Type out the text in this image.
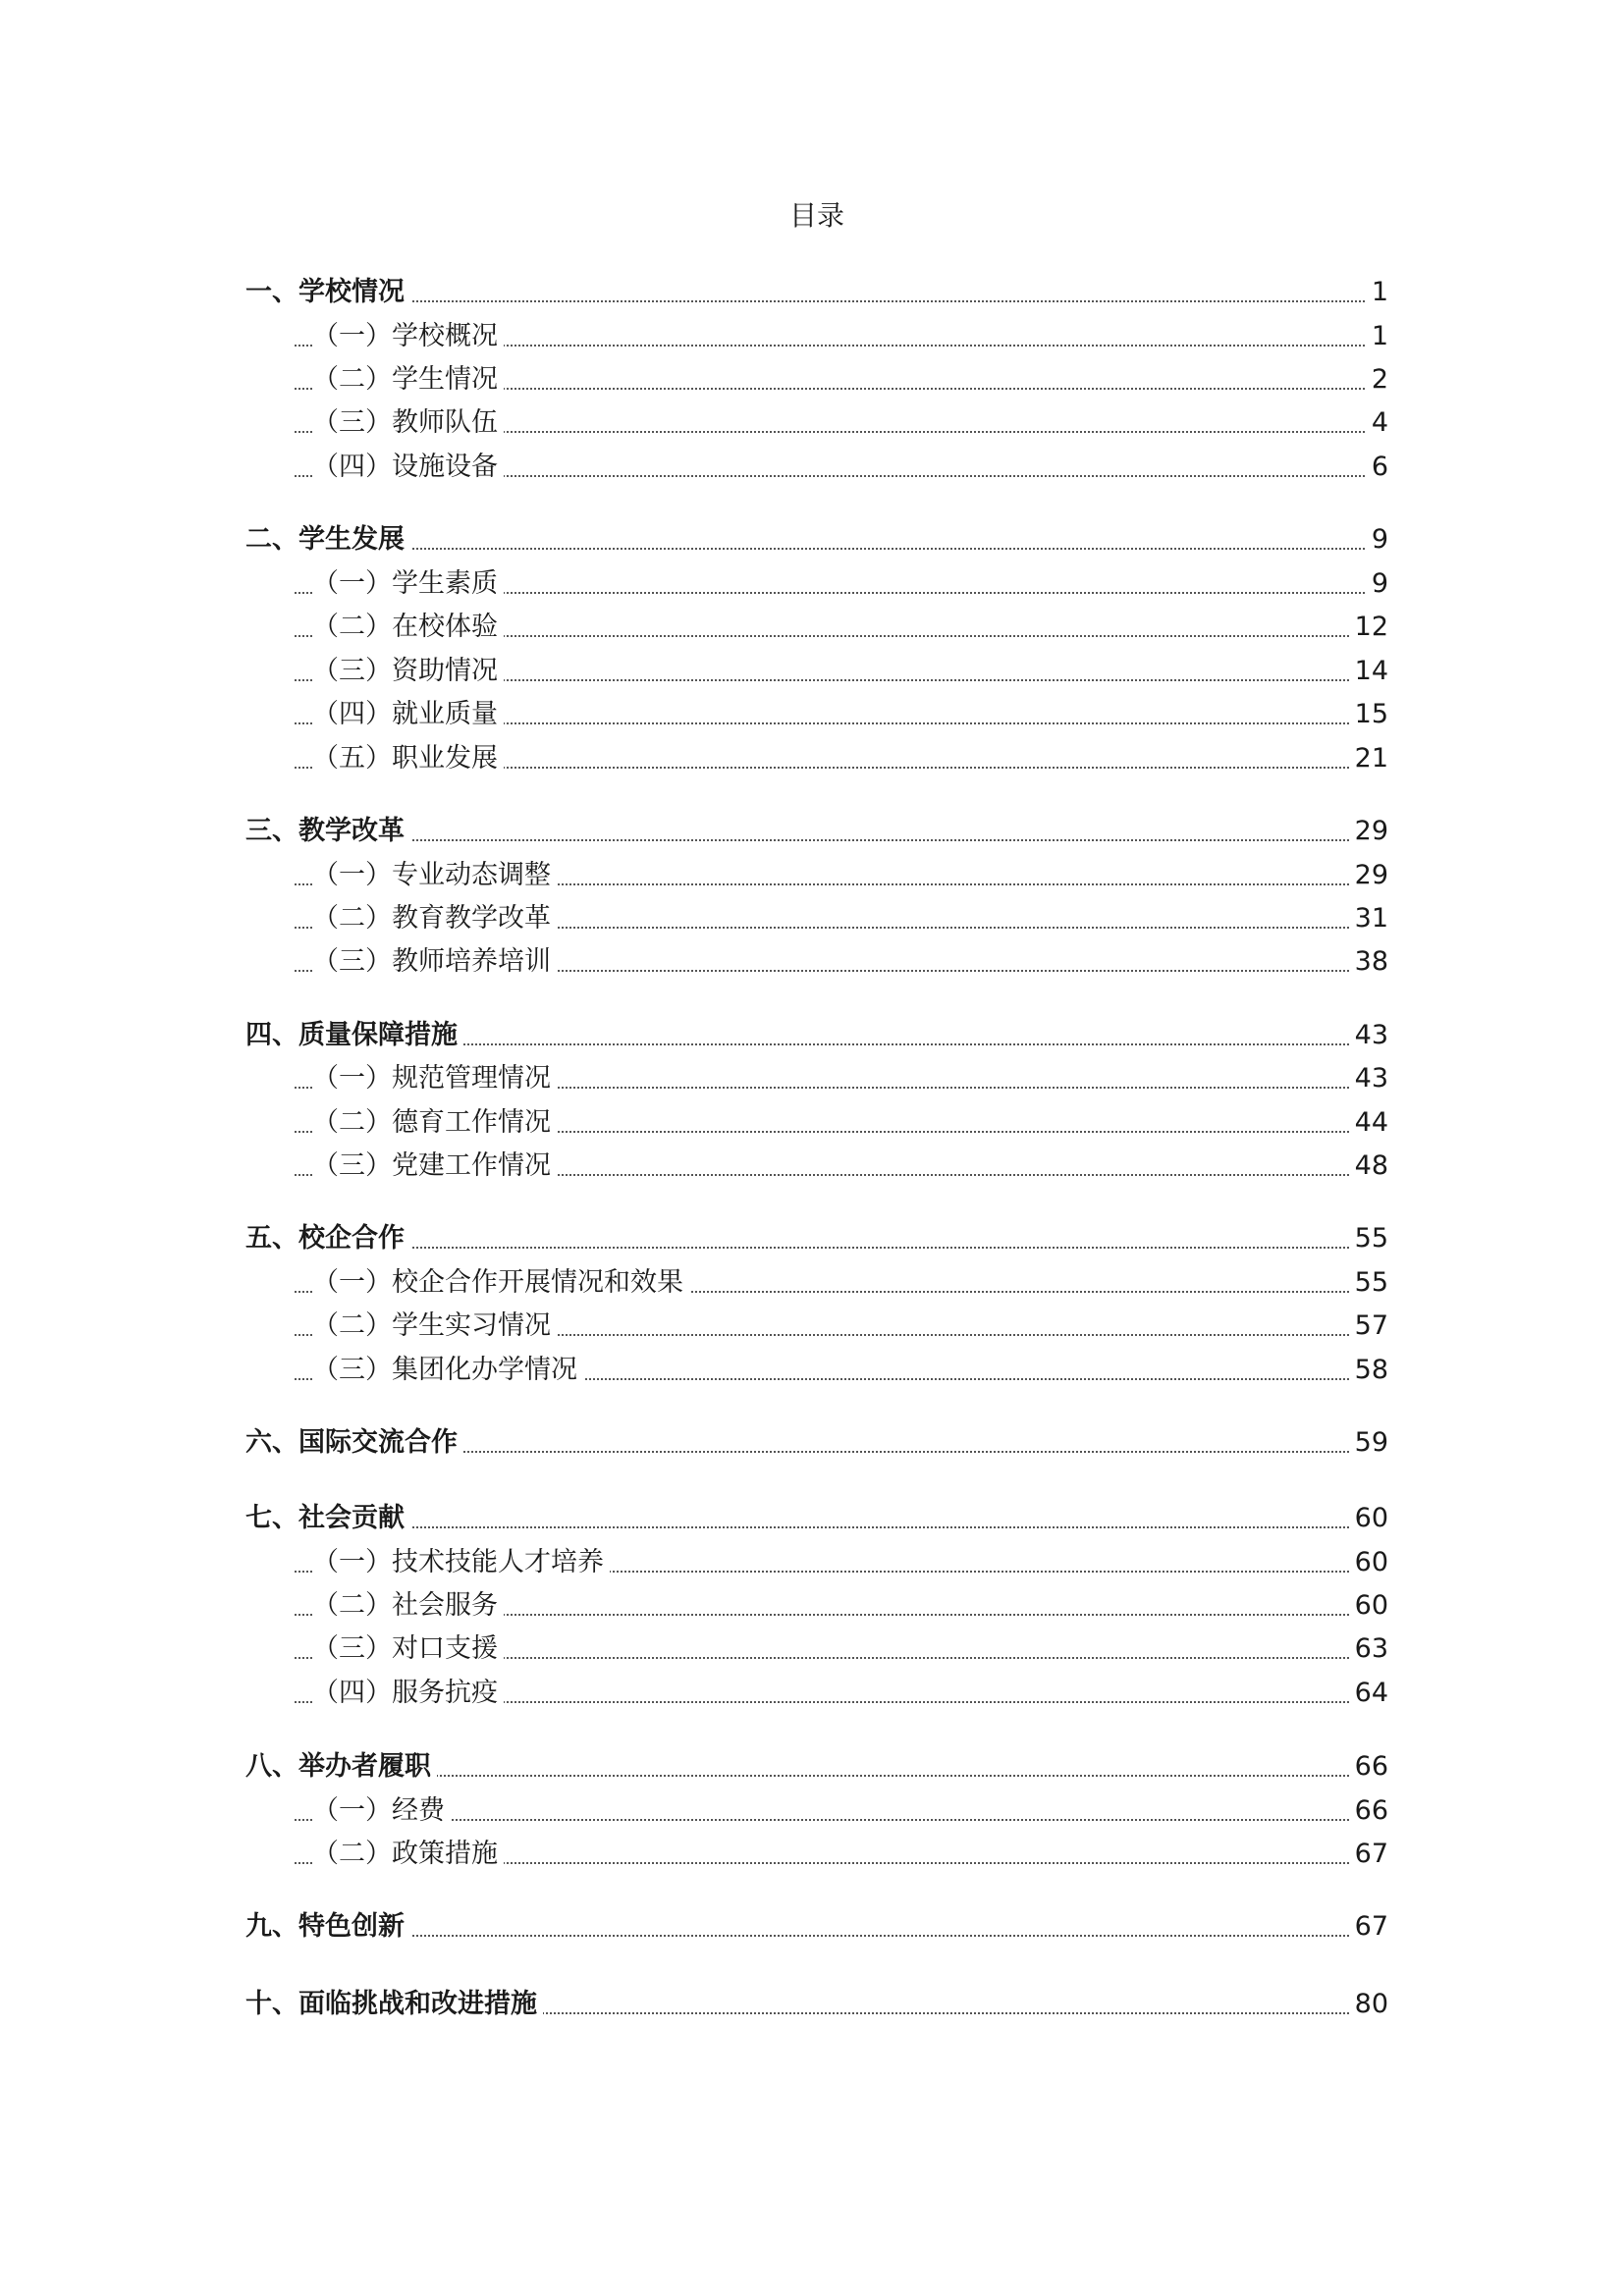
目录
一、学校情况	1
（一）学校概况	1
（二）学生情况	2
（三）教师队伍	4
（四）设施设备	6
二、学生发展	9
（一）学生素质	9
（二）在校体验	12
（三）资助情况	14
（四）就业质量	15
（五）职业发展	21
三、教学改革	29
（一）专业动态调整	29
（二）教育教学改革	31
（三）教师培养培训	38
四、质量保障措施	43
（一）规范管理情况	43
（二）德育工作情况	44
（三）党建工作情况	48
五、校企合作	55
（一）校企合作开展情况和效果	55
（二）学生实习情况	57
（三）集团化办学情况	58
六、国际交流合作	59
七、社会贡献	60
（一）技术技能人才培养	60
（二）社会服务	60
（三）对口支援	63
（四）服务抗疫	64
八、举办者履职	66
（一）经费	66
（二）政策措施	67
九、特色创新	67
十、面临挑战和改进措施	80
